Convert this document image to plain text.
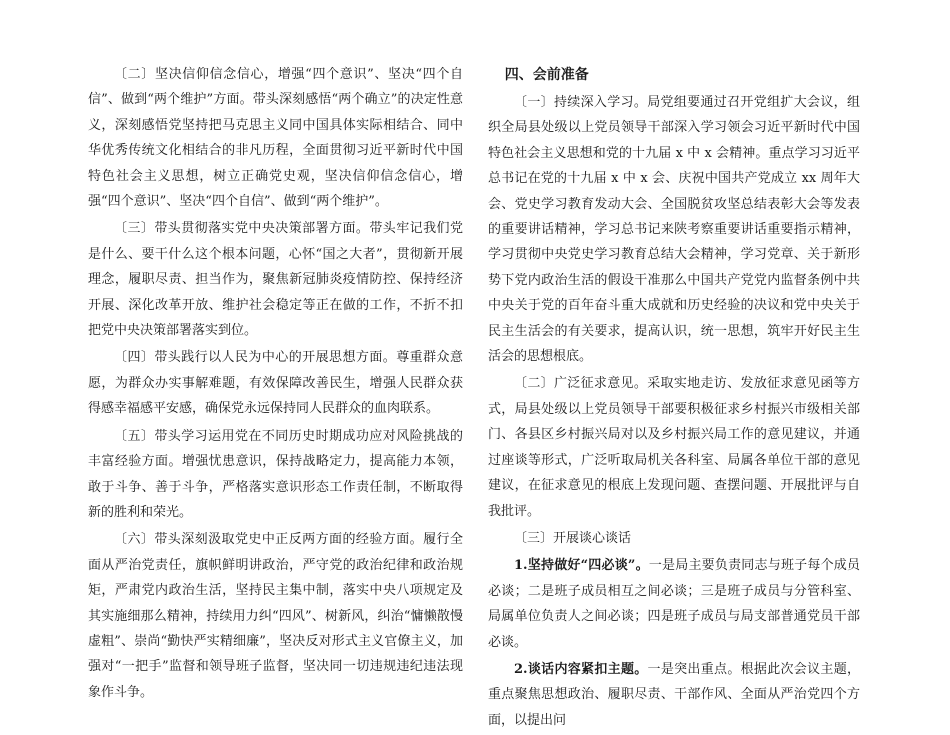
〔二〕坚决信仰信念信心，增强“四个意识”、坚决“四个自信”、做到“两个维护”方面。带头深刻感悟“两个确立”的决定性意义，深刻感悟党坚持把马克思主义同中国具体实际相结合、同中华优秀传统文化相结合的非凡历程，全面贯彻习近平新时代中国特色社会主义思想，树立正确党史观，坚决信仰信念信心，增强“四个意识”、坚决“四个自信”、做到“两个维护”。

〔三〕带头贯彻落实党中央决策部署方面。带头牢记我们党是什么、要干什么这个根本问题，心怀“国之大者”，贯彻新开展理念，履职尽责、担当作为，聚焦新冠肺炎疫情防控、保持经济开展、深化改革开放、维护社会稳定等正在做的工作，不折不扣把党中央决策部署落实到位。

〔四〕带头践行以人民为中心的开展思想方面。尊重群众意愿，为群众办实事解难题，有效保障改善民生，增强人民群众获得感幸福感平安感，确保党永远保持同人民群众的血肉联系。

〔五〕带头学习运用党在不同历史时期成功应对风险挑战的丰富经验方面。增强忧患意识，保持战略定力，提高能力本领，敢于斗争、善于斗争，严格落实意识形态工作责任制，不断取得新的胜利和荣光。

〔六〕带头深刻汲取党史中正反两方面的经验方面。履行全面从严治党责任，旗帜鲜明讲政治，严守党的政治纪律和政治规矩，严肃党内政治生活，坚持民主集中制，落实中央八项规定及其实施细那么精神，持续用力纠“四风”、树新风，纠治“慵懒散慢虚粗”、崇尚“勤快严实精细廉”，坚决反对形式主义官僚主义，加强对“一把手”监督和领导班子监督，坚决同一切违规违纪违法现象作斗争。

四、会前准备

〔一〕持续深入学习。局党组要通过召开党组扩大会议，组织全局县处级以上党员领导干部深入学习领会习近平新时代中国特色社会主义思想和党的十九届 x 中 x 会精神。重点学习习近平总书记在党的十九届 x 中 x 会、庆祝中国共产党成立 xx 周年大会、党史学习教育发动大会、全国脱贫攻坚总结表彰大会等发表的重要讲话精神，学习总书记来陕考察重要讲话重要指示精神，学习贯彻中央党史学习教育总结大会精神，学习党章、关于新形势下党内政治生活的假设干准那么中国共产党党内监督条例中共中央关于党的百年奋斗重大成就和历史经验的决议和党中央关于民主生活会的有关要求，提高认识，统一思想，筑牢开好民主生活会的思想根底。

〔二〕广泛征求意见。采取实地走访、发放征求意见函等方式，局县处级以上党员领导干部要积极征求乡村振兴市级相关部门、各县区乡村振兴局对以及乡村振兴局工作的意见建议，并通过座谈等形式，广泛听取局机关各科室、局属各单位干部的意见建议，在征求意见的根底上发现问题、查摆问题、开展批评与自我批评。

〔三〕开展谈心谈话

1.坚持做好“四必谈”。一是局主要负责同志与班子每个成员必谈；二是班子成员相互之间必谈；三是班子成员与分管科室、局属单位负责人之间必谈；四是班子成员与局支部普通党员干部必谈。

2.谈话内容紧扣主题。一是突出重点。根据此次会议主题，重点聚焦思想政治、履职尽责、干部作风、全面从严治党四个方面，以提出问
